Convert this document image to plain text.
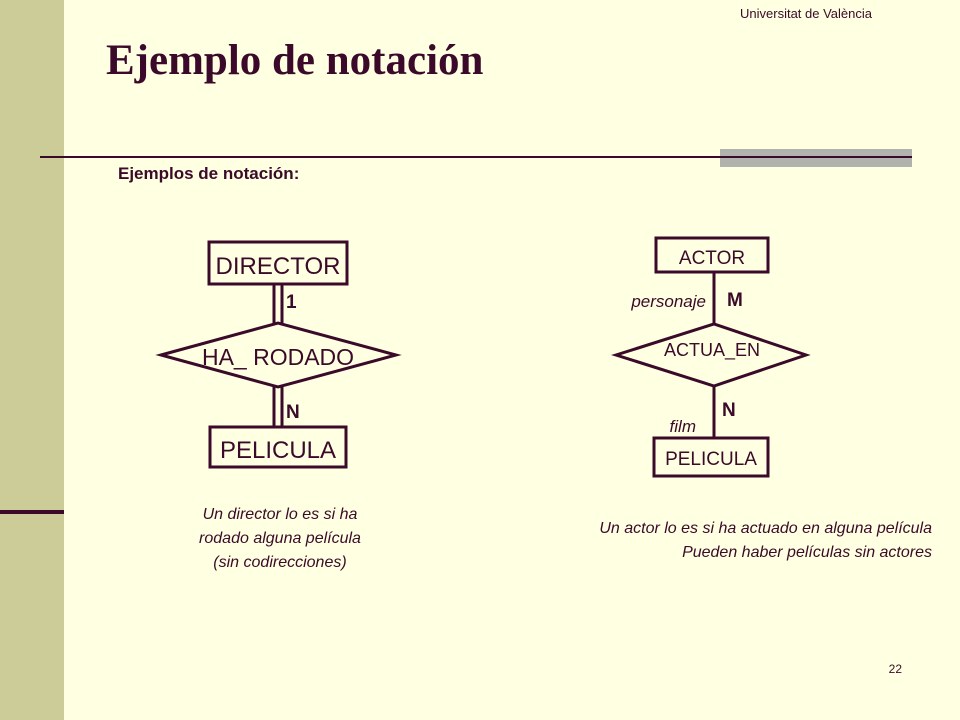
Universitat de València
Ejemplo de notación
Ejemplos de notación:
DIRECTOR
HA_ RODADO
PELICULA
1
N
ACTOR
ACTUA_EN
PELICULA
personaje M
N
film
Un director lo es si ha
rodado alguna película
(sin codirecciones)
Un actor lo es si ha actuado en alguna película
Pueden haber películas sin actores
22
